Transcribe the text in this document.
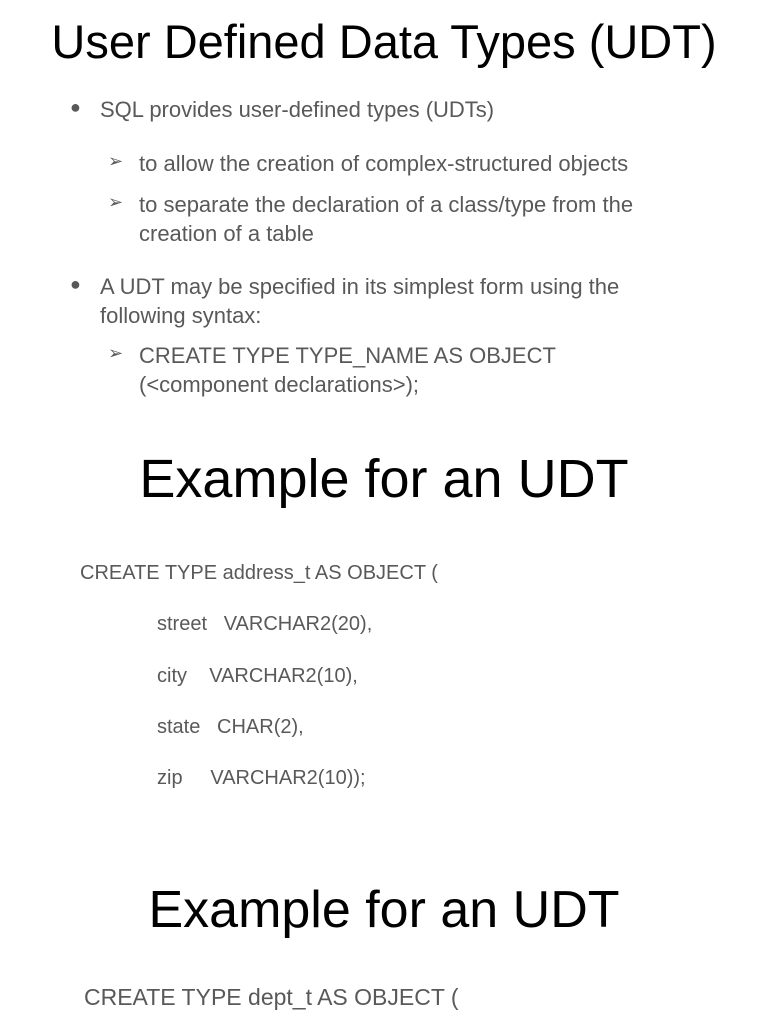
User Defined Data Types (UDT)
● SQL provides user-defined types (UDTs)
➢ to allow the creation of complex-structured objects
➢ to separate the declaration of a class/type from the creation of a table
● A UDT may be specified in its simplest form using the following syntax:
➢ CREATE TYPE TYPE_NAME AS OBJECT (<component declarations>);
Example for an UDT
CREATE TYPE address_t AS OBJECT (
street   VARCHAR2(20),
city    VARCHAR2(10),
state   CHAR(2),
zip     VARCHAR2(10));
Example for an UDT
CREATE TYPE dept_t AS OBJECT (
